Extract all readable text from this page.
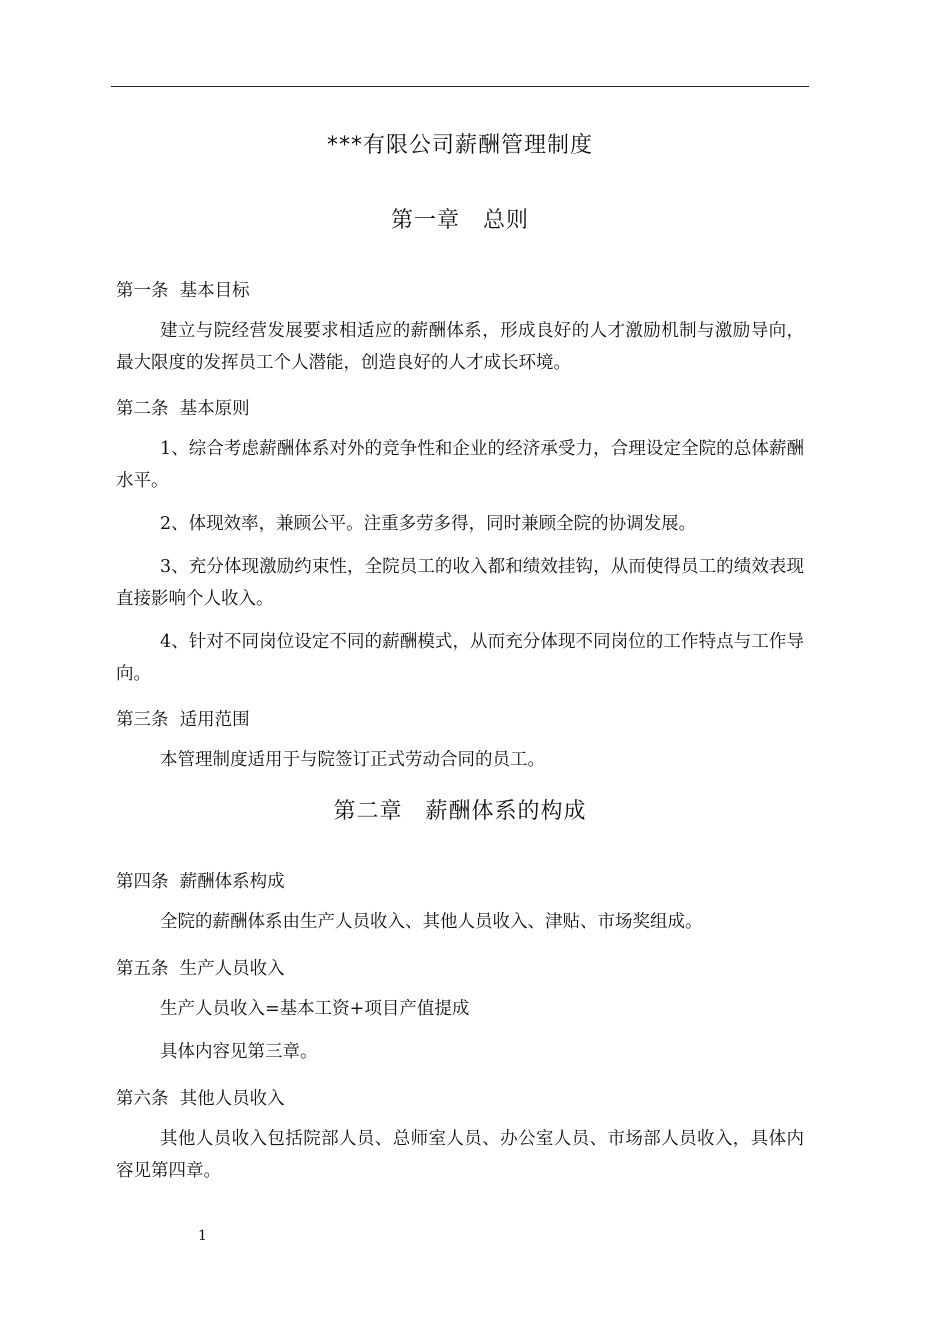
***有限公司薪酬管理制度
第一章　总则
第一条  基本目标
建立与院经营发展要求相适应的薪酬体系，形成良好的人才激励机制与激励导向，最大限度的发挥员工个人潜能，创造良好的人才成长环境。
第二条  基本原则
1、综合考虑薪酬体系对外的竞争性和企业的经济承受力，合理设定全院的总体薪酬水平。
2、体现效率，兼顾公平。注重多劳多得，同时兼顾全院的协调发展。
3、充分体现激励约束性，全院员工的收入都和绩效挂钩，从而使得员工的绩效表现直接影响个人收入。
4、针对不同岗位设定不同的薪酬模式，从而充分体现不同岗位的工作特点与工作导向。
第三条  适用范围
本管理制度适用于与院签订正式劳动合同的员工。
第二章　薪酬体系的构成
第四条  薪酬体系构成
全院的薪酬体系由生产人员收入、其他人员收入、津贴、市场奖组成。
第五条  生产人员收入
生产人员收入=基本工资+项目产值提成
具体内容见第三章。
第六条  其他人员收入
其他人员收入包括院部人员、总师室人员、办公室人员、市场部人员收入，具体内容见第四章。
1
